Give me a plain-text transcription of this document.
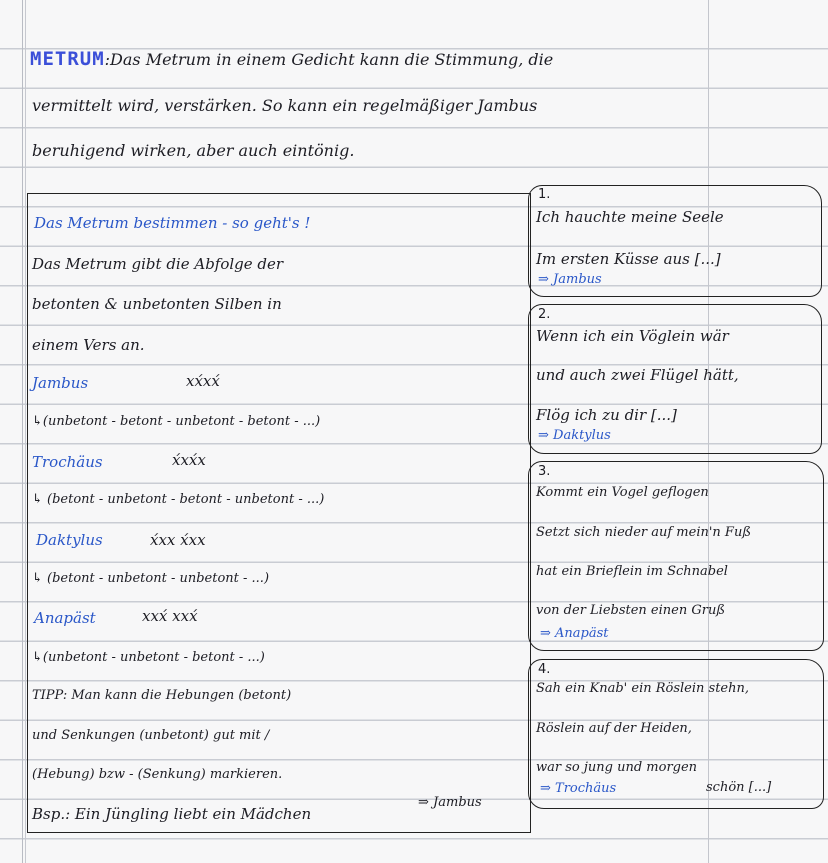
METRUM:Das Metrum in einem Gedicht kann die Stimmung, die
vermittelt wird, verstärken. So kann ein regelmäßiger Jambus
beruhigend wirken, aber auch eintönig.
Das Metrum bestimmen - so geht's !
Das Metrum gibt die Abfolge der
betonten & unbetonten Silben in
einem Vers an.
Jambus	xx́xx́
↳(unbetont - betont - unbetont - betont - ...)
Trochäus	x́xx́x
↳ (betont - unbetont - betont - unbetont - ...)
Daktylus	x́xx x́xx
↳ (betont - unbetont - unbetont - ...)
Anapäst	xxx́ xxx́
↳(unbetont - unbetont - betont - ...)
TIPP: Man kann die Hebungen (betont)
und Senkungen (unbetont) gut mit /
(Hebung) bzw - (Senkung) markieren.
Bsp.: Ein Jüngling liebt ein Mädchen
⇒ Jambus
1.
Ich hauchte meine Seele
Im ersten Küsse aus [...]
⇒ Jambus
2.
Wenn ich ein Vöglein wär
und auch zwei Flügel hätt,
Flög ich zu dir [...]
⇒ Daktylus
3.
Kommt ein Vogel geflogen
Setzt sich nieder auf mein'n Fuß
hat ein Brieflein im Schnabel
von der Liebsten einen Gruß
⇒ Anapäst
4.
Sah ein Knab' ein Röslein stehn,
Röslein auf der Heiden,
war so jung und morgen
schön [...]
⇒ Trochäus
